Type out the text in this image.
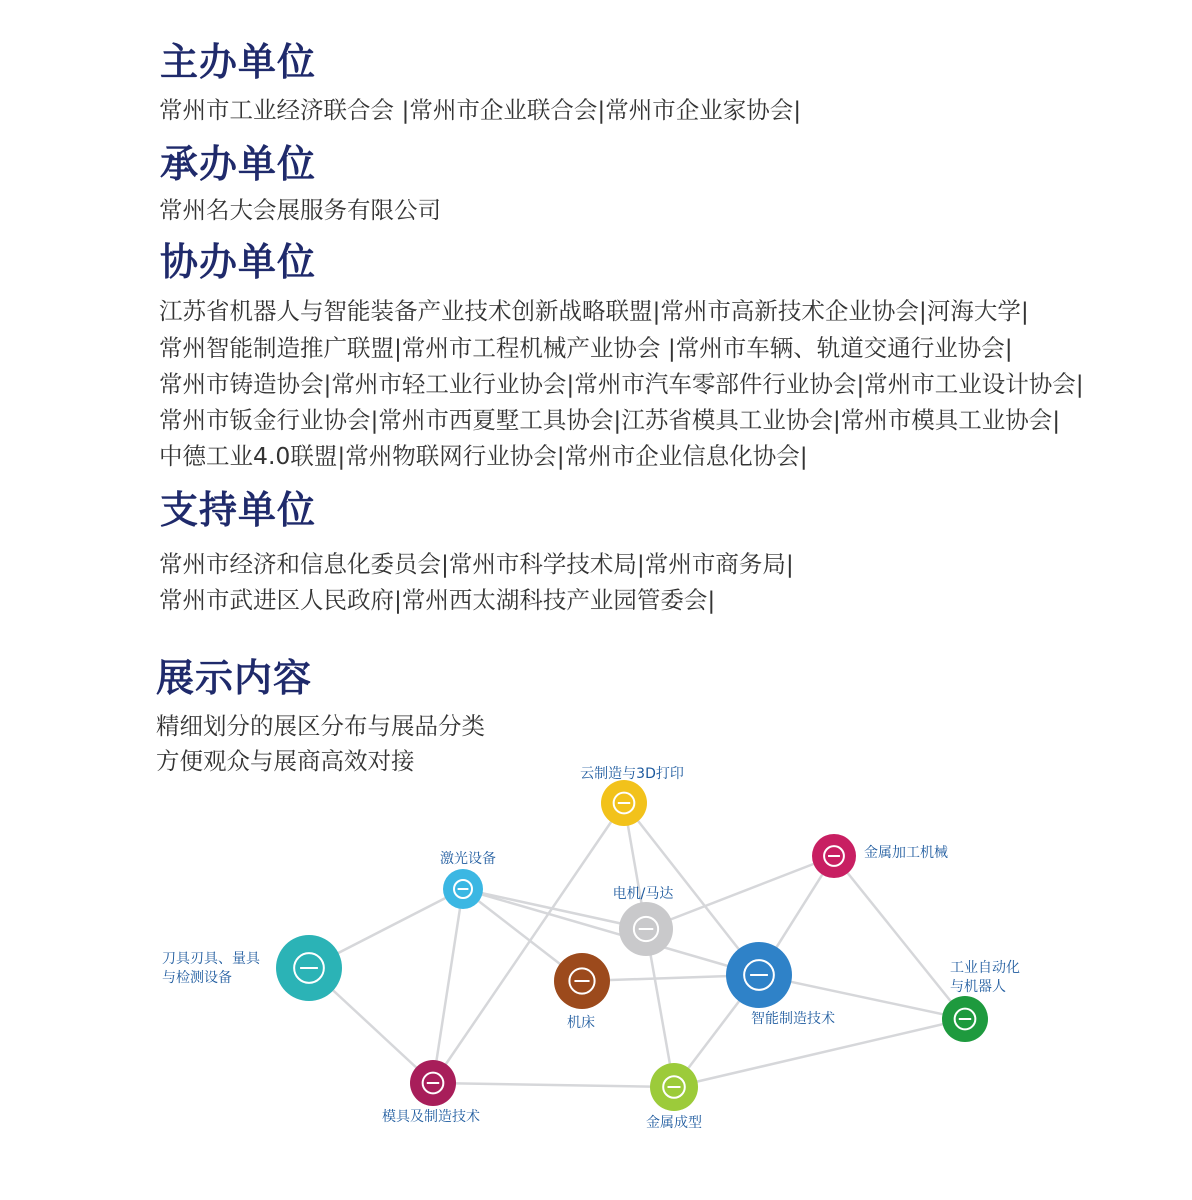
主办单位

常州市工业经济联合会 |常州市企业联合会|常州市企业家协会|

承办单位

常州名大会展服务有限公司

协办单位

江苏省机器人与智能装备产业技术创新战略联盟|常州市高新技术企业协会|河海大学|

常州智能制造推广联盟|常州市工程机械产业协会 |常州市车辆、轨道交通行业协会|

常州市铸造协会|常州市轻工业行业协会|常州市汽车零部件行业协会|常州市工业设计协会|

常州市钣金行业协会|常州市西夏墅工具协会|江苏省模具工业协会|常州市模具工业协会|

中德工业4.0联盟|常州物联网行业协会|常州市企业信息化协会|

支持单位

常州市经济和信息化委员会|常州市科学技术局|常州市商务局|

常州市武进区人民政府|常州西太湖科技产业园管委会|

展示内容

精细划分的展区分布与展品分类

方便观众与展商高效对接	云制造与3D打印
激光设备	金属加工机械
电机/马达
刀具刃具、量具
与检测设备
机床	智能制造技术
工业自动化
与机器人
模具及制造技术	金属成型
